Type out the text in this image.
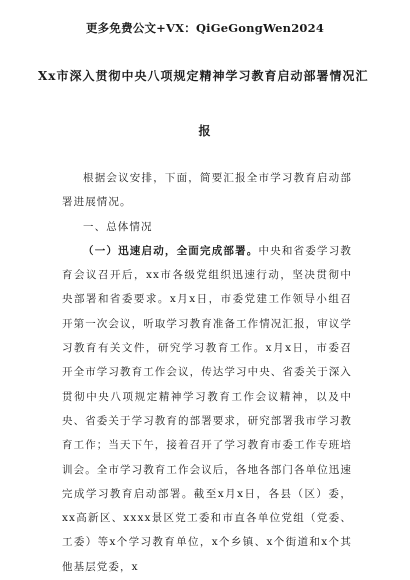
更多免费公文+VX：QiGeGongWen2024
Xx市深入贯彻中央八项规定精神学习教育启动部署情况汇
报

根据会议安排，下面，简要汇报全市学习教育启动部署进展情况。

一、总体情况

（一）迅速启动，全面完成部署。中央和省委学习教育会议召开后，xx市各级党组织迅速行动，坚决贯彻中央部署和省委要求。x月x日，市委党建工作领导小组召开第一次会议，听取学习教育准备工作情况汇报，审议学习教育有关文件，研究学习教育工作。x月x日，市委召开全市学习教育工作会议，传达学习中央、省委关于深入贯彻中央八项规定精神学习教育工作会议精神，以及中央、省委关于学习教育的部署要求，研究部署我市学习教育工作；当天下午，接着召开了学习教育市委工作专班培训会。全市学习教育工作会议后，各地各部门各单位迅速完成学习教育启动部署。截至x月x日，各县（区）委，xx高新区、xxxx景区党工委和市直各单位党组（党委、工委）等x个学习教育单位，x个乡镇、x个街道和x个其他基层党委，x
